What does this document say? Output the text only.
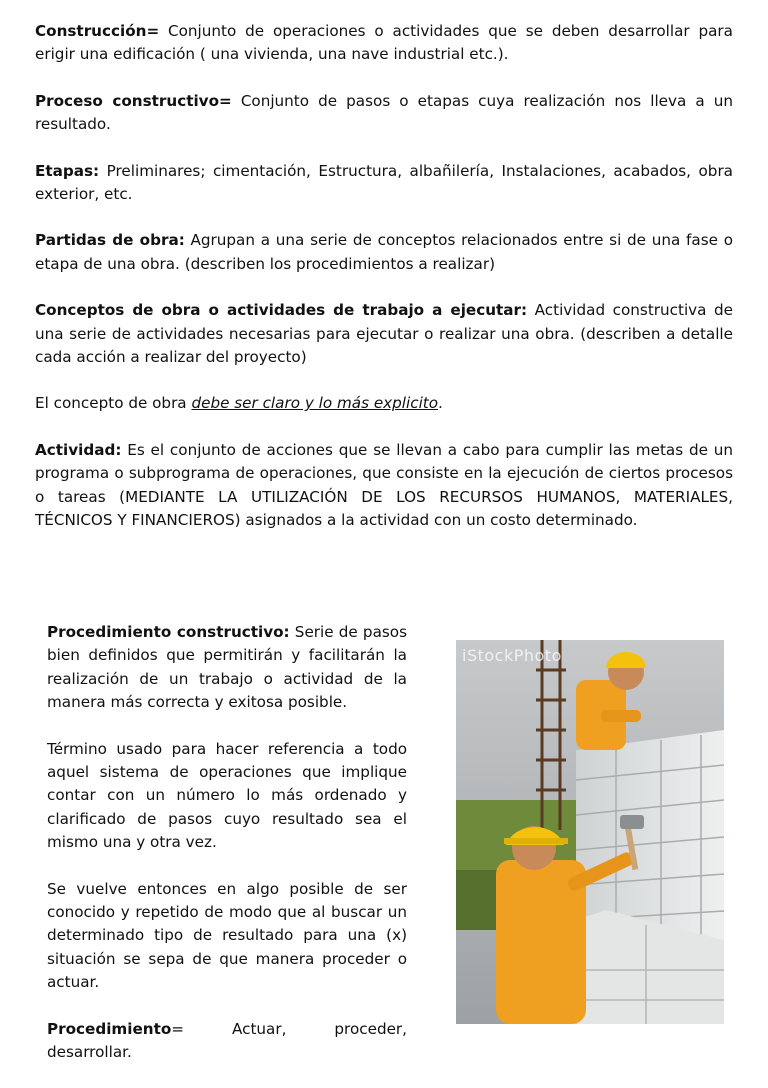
Construcción= Conjunto de operaciones o actividades que se deben desarrollar para erigir una edificación ( una vivienda, una nave industrial etc.).

Proceso constructivo= Conjunto de pasos o etapas cuya realización nos lleva a un resultado.

Etapas: Preliminares; cimentación, Estructura, albañilería, Instalaciones, acabados, obra exterior, etc.

Partidas de obra: Agrupan a una serie de conceptos relacionados entre si de una fase o etapa de una obra. (describen los procedimientos a realizar)

Conceptos de obra o actividades de trabajo a ejecutar: Actividad constructiva de una serie de actividades necesarias para ejecutar o realizar una obra. (describen a detalle cada acción a realizar del proyecto)

El concepto de obra debe ser claro y lo más explicito.

Actividad: Es el conjunto de acciones que se llevan a cabo para cumplir las metas de un programa o subprograma de operaciones, que consiste en la ejecución de ciertos procesos o tareas (MEDIANTE LA UTILIZACIÓN DE LOS RECURSOS HUMANOS, MATERIALES, TÉCNICOS Y FINANCIEROS) asignados a la actividad con un costo determinado.

Procedimiento constructivo: Serie de pasos bien definidos que permitirán y facilitarán la realización de un trabajo o actividad de la manera más correcta y exitosa posible.

Término usado para hacer referencia a todo aquel sistema de operaciones que implique contar con un número lo más ordenado y clarificado de pasos cuyo resultado sea el mismo una y otra vez.

Se vuelve entonces en algo posible de ser conocido y repetido de modo que al buscar un determinado tipo de resultado para una (x) situación se sepa de que manera proceder o actuar.

Procedimiento= Actuar, proceder, desarrollar.

iStockPhoto
